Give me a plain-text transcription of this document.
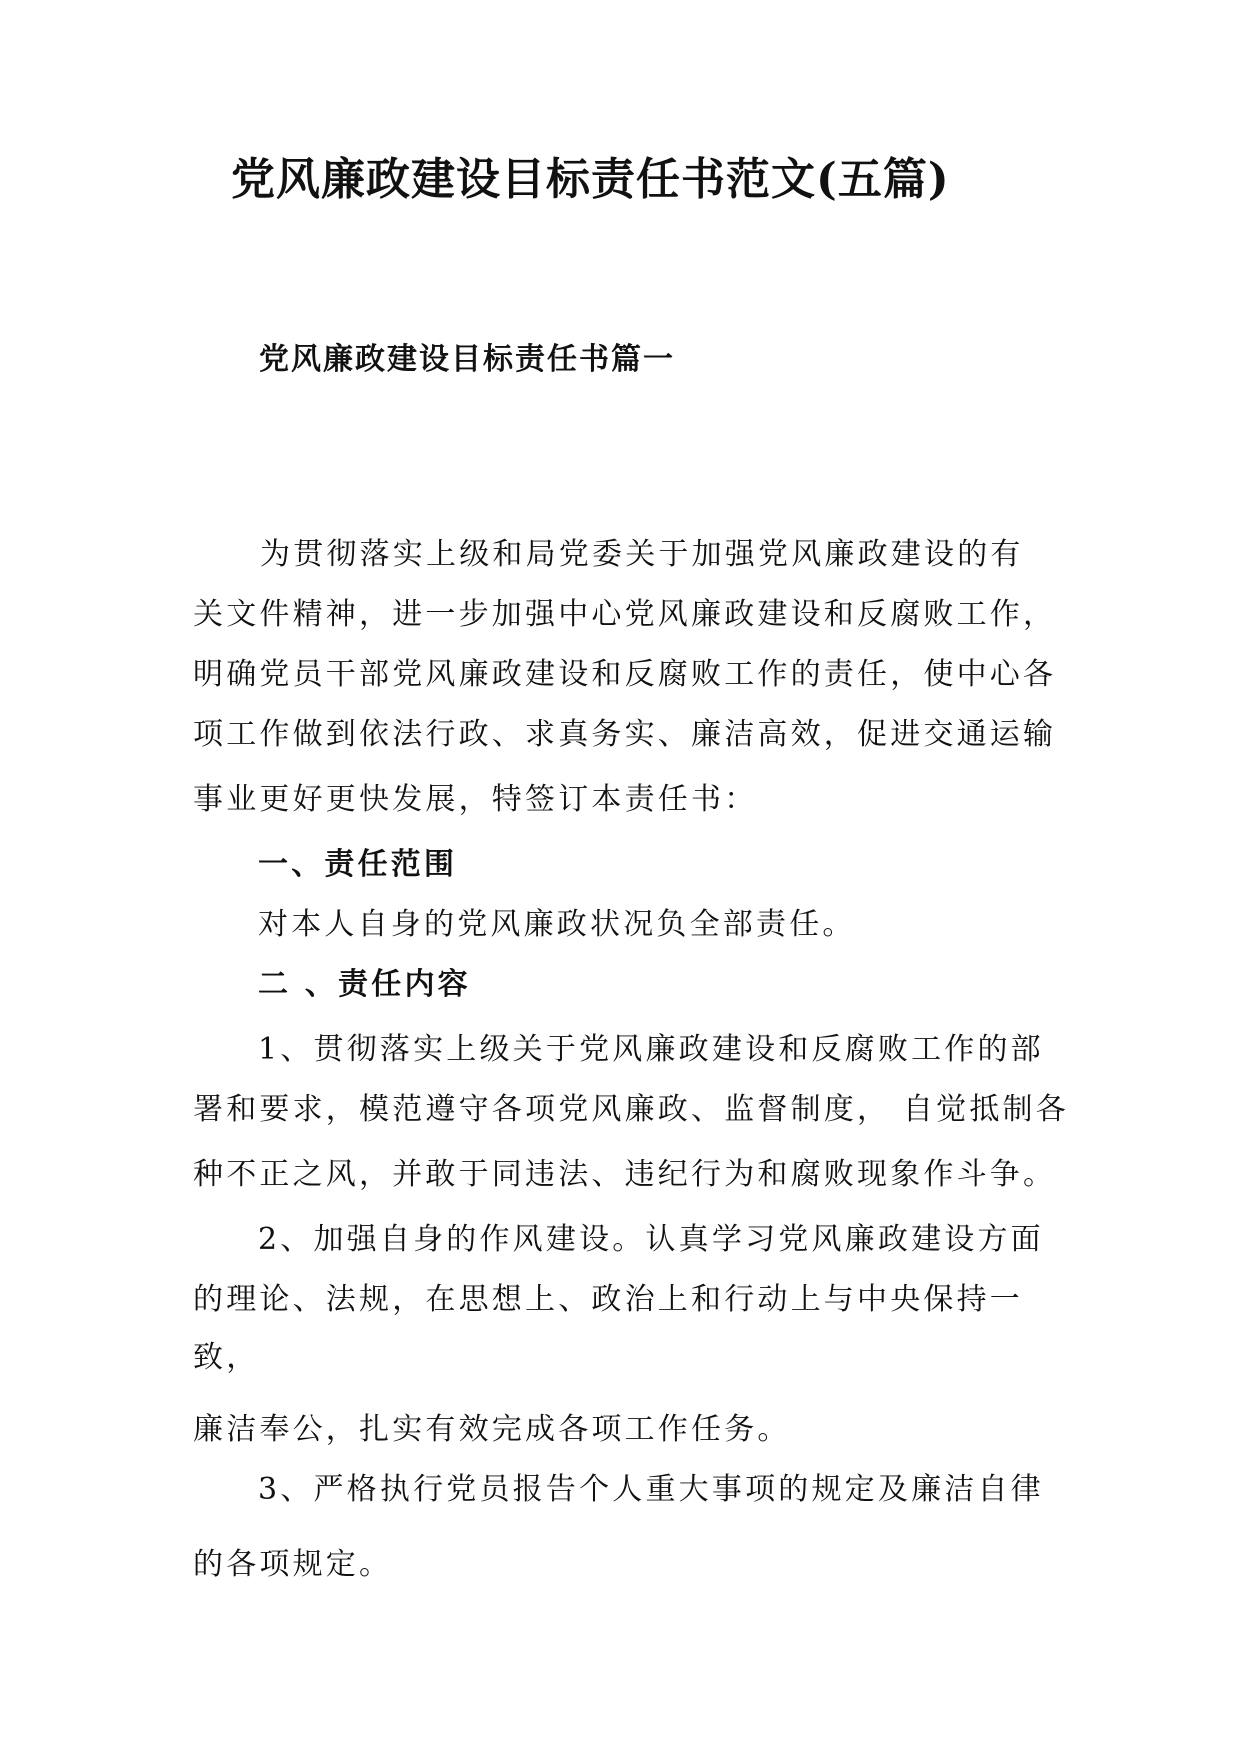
党风廉政建设目标责任书范文(五篇)
党风廉政建设目标责任书篇一
为贯彻落实上级和局党委关于加强党风廉政建设的有
关文件精神，进一步加强中心党风廉政建设和反腐败工作，
明确党员干部党风廉政建设和反腐败工作的责任，使中心各
项工作做到依法行政、求真务实、廉洁高效，促进交通运输
事业更好更快发展，特签订本责任书：
一、责任范围
对本人自身的党风廉政状况负全部责任。
二 、责任内容
1、贯彻落实上级关于党风廉政建设和反腐败工作的部
署和要求，模范遵守各项党风廉政、监督制度， 自觉抵制各
种不正之风，并敢于同违法、违纪行为和腐败现象作斗争。
2、加强自身的作风建设。认真学习党风廉政建设方面
的理论、法规，在思想上、政治上和行动上与中央保持一
致，
廉洁奉公，扎实有效完成各项工作任务。
3、严格执行党员报告个人重大事项的规定及廉洁自律
的各项规定。
